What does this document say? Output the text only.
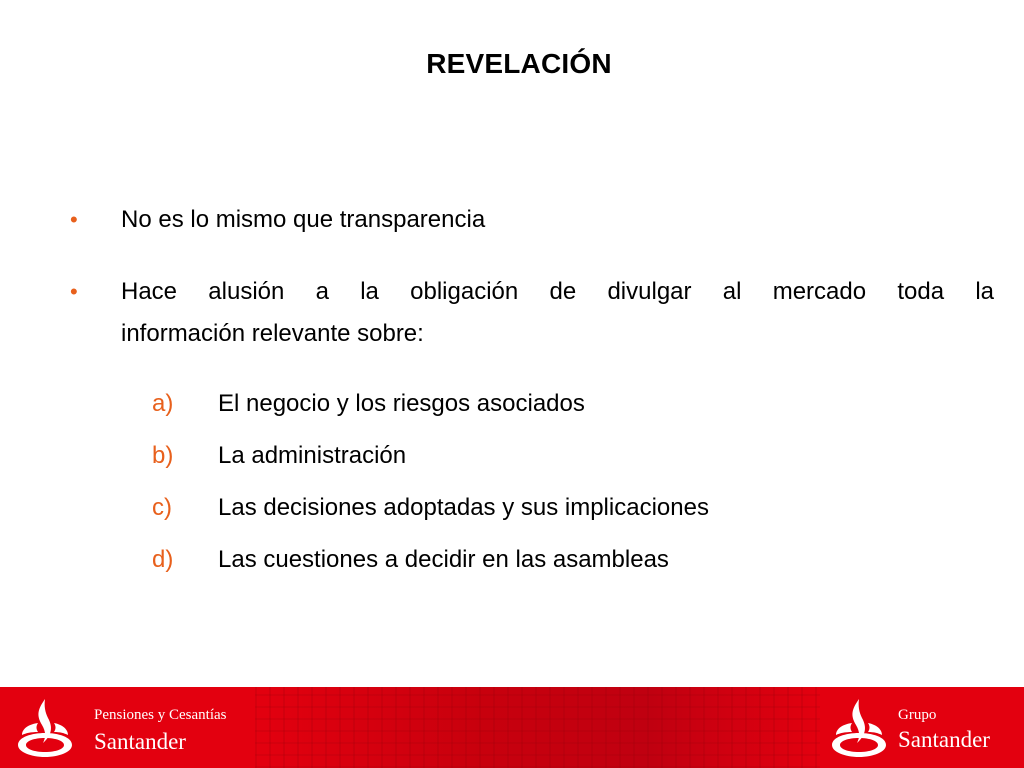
REVELACIÓN
• No es lo mismo que transparencia
• Hace alusión a la obligación de divulgar al mercado toda la
información relevante sobre:
a) El negocio y los riesgos asociados
b) La administración
c) Las decisiones adoptadas y sus implicaciones
d) Las cuestiones a decidir en las asambleas
Pensiones y Cesantías
Santander
Grupo
Santander
